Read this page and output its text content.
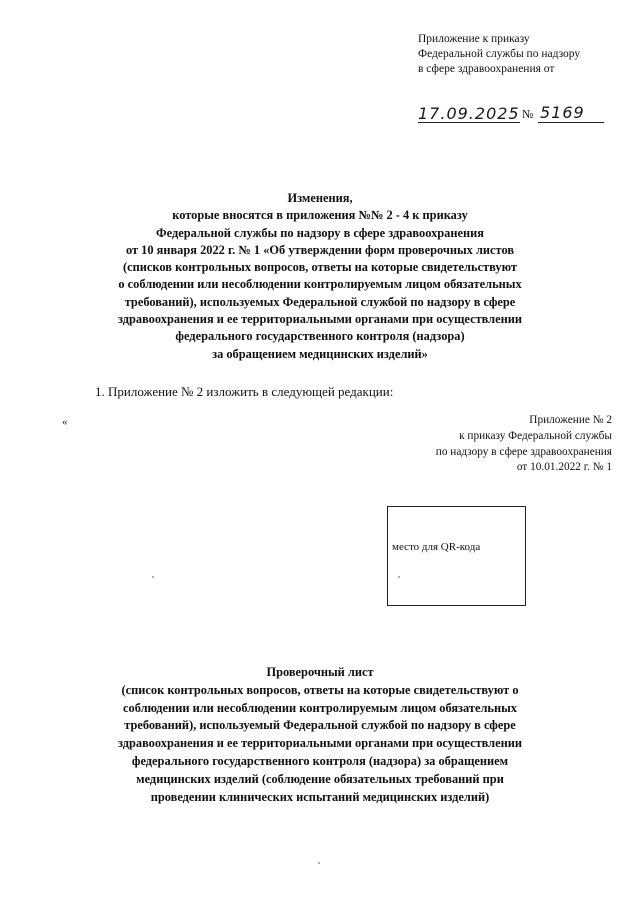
Приложение к приказу
Федеральной службы по надзору
в сфере здравоохранения от
17.09.2025 № 5169
Изменения,
которые вносятся в приложения №№ 2 - 4 к приказу
Федеральной службы по надзору в сфере здравоохранения
от 10 января 2022 г. № 1 «Об утверждении форм проверочных листов
(списков контрольных вопросов, ответы на которые свидетельствуют
о соблюдении или несоблюдении контролируемым лицом обязательных
требований), используемых Федеральной службой по надзору в сфере
здравоохранения и ее территориальными органами при осуществлении
федерального государственного контроля (надзора)
за обращением медицинских изделий»
1. Приложение № 2 изложить в следующей редакции:
«	Приложение № 2
к приказу Федеральной службы
по надзору в сфере здравоохранения
от 10.01.2022 г. № 1
место для QR-кода
Проверочный лист
(список контрольных вопросов, ответы на которые свидетельствуют о
соблюдении или несоблюдении контролируемым лицом обязательных
требований), используемый Федеральной службой по надзору в сфере
здравоохранения и ее территориальными органами при осуществлении
федерального государственного контроля (надзора) за обращением
медицинских изделий (соблюдение обязательных требований при
проведении клинических испытаний медицинских изделий)
